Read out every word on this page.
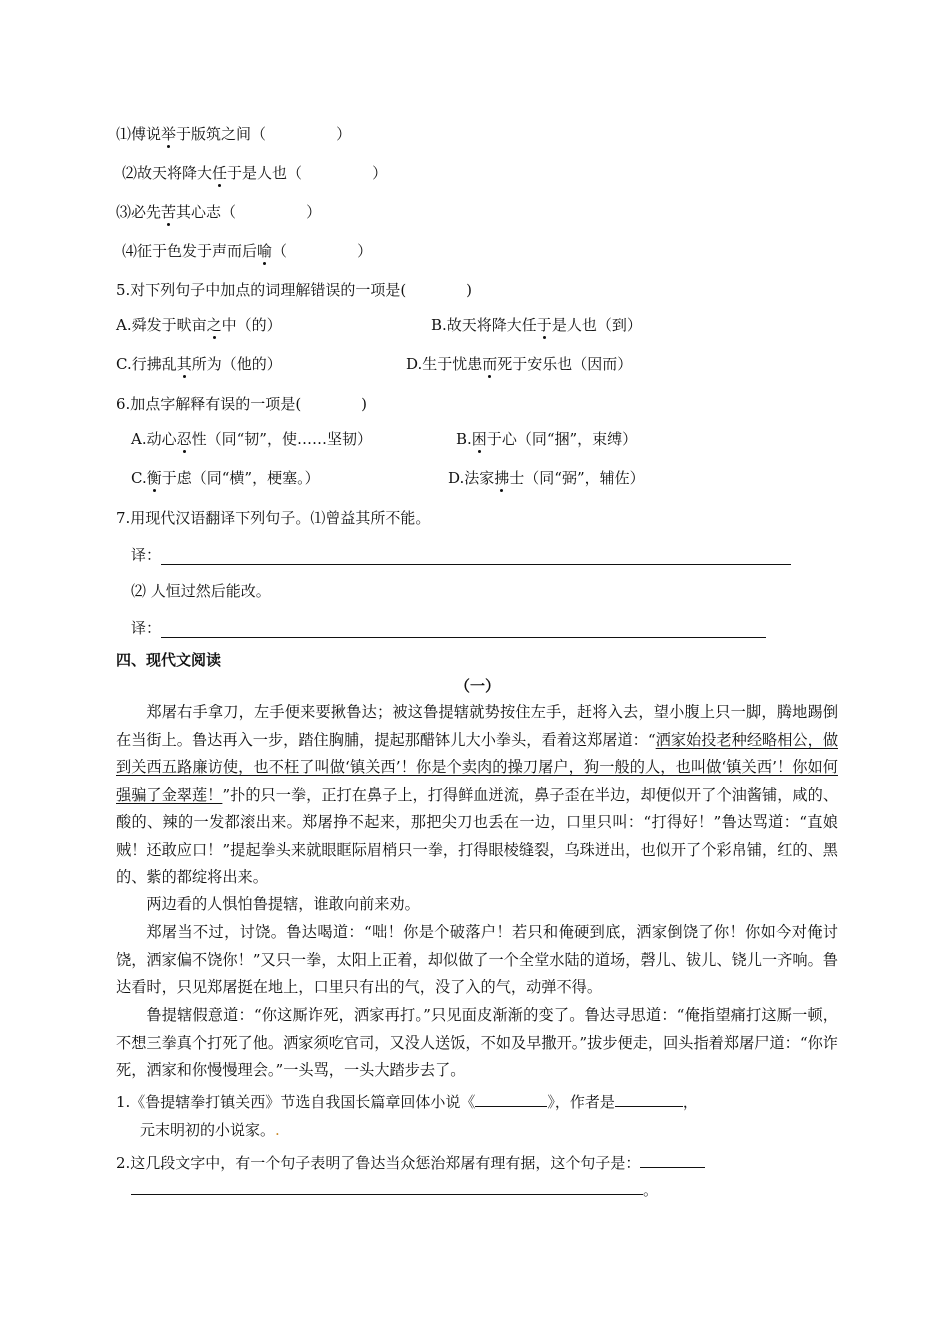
⑴傅说举于版筑之间（	）
⑵故天将降大任于是人也（	）
⑶必先苦其心志（	）
⑷征于色发于声而后喻（	）
5.对下列句子中加点的词理解错误的一项是(	)
A.舜发于畎亩之中（的）	B.故天将降大任于是人也（到）
C.行拂乱其所为（他的）	D.生于忧患而死于安乐也（因而）
6.加点字解释有误的一项是(	)
A.动心忍性（同“韧”，使……坚韧）	B.困于心（同“捆”，束缚）
C.衡于虑（同“横”，梗塞。）	D.法家拂士（同“弼”，辅佐）
7.用现代汉语翻译下列句子。⑴曾益其所不能。
译：
⑵ 人恒过然后能改。
译：
四、现代文阅读
（一）
郑屠右手拿刀，左手便来要揪鲁达；被这鲁提辖就势按住左手，赶将入去，望小腹上只一脚，腾地踢倒在当街上。鲁达再入一步，踏住胸脯，提起那醋钵儿大小拳头，看着这郑屠道：“洒家始投老种经略相公，做到关西五路廉访使，也不枉了叫做‘镇关西’！你是个卖肉的操刀屠户，狗一般的人，也叫做‘镇关西’！你如何强骗了金翠莲！”扑的只一拳，正打在鼻子上，打得鲜血迸流，鼻子歪在半边，却便似开了个油酱铺，咸的、酸的、辣的一发都滚出来。郑屠挣不起来，那把尖刀也丢在一边，口里只叫：“打得好！”鲁达骂道：“直娘贼！还敢应口！”提起拳头来就眼眶际眉梢只一拳，打得眼棱缝裂，乌珠迸出，也似开了个彩帛铺，红的、黑的、紫的都绽将出来。
两边看的人惧怕鲁提辖，谁敢向前来劝。
郑屠当不过，讨饶。鲁达喝道：“咄！你是个破落户！若只和俺硬到底，洒家倒饶了你！你如今对俺讨饶，洒家偏不饶你！”又只一拳，太阳上正着，却似做了一个全堂水陆的道场，磬儿、钹儿、铙儿一齐响。鲁达看时，只见郑屠挺在地上，口里只有出的气，没了入的气，动弹不得。
鲁提辖假意道：“你这厮诈死，洒家再打。”只见面皮渐渐的变了。鲁达寻思道：“俺指望痛打这厮一顿，不想三拳真个打死了他。洒家须吃官司，又没人送饭，不如及早撒开。”拔步便走，回头指着郑屠尸道：“你诈死，洒家和你慢慢理会。”一头骂，一头大踏步去了。
1.《鲁提辖拳打镇关西》节选自我国长篇章回体小说《	》，作者是	，
元末明初的小说家。.
2.这几段文字中，有一个句子表明了鲁达当众惩治郑屠有理有据，这个句子是：
。
